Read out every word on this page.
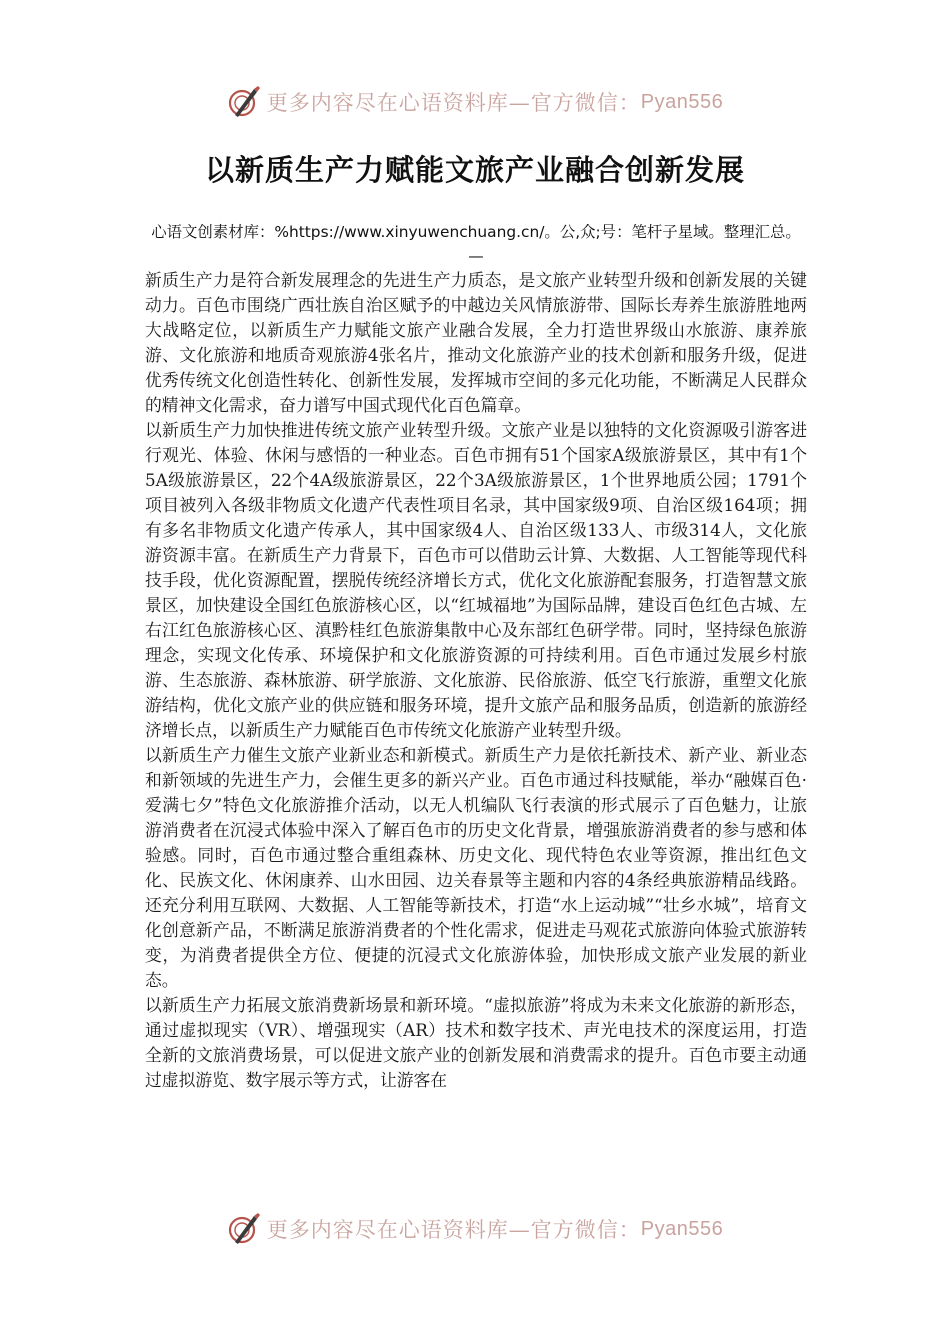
更多内容尽在心语资料库—官方微信： Pyan556
以新质生产力赋能文旅产业融合创新发展
心语文创素材库：%https://www.xinyuwenchuang.cn/。公,众;号：笔杆子星域。整理汇总。—

新质生产力是符合新发展理念的先进生产力质态，是文旅产业转型升级和创新发展的关键动力。百色市围绕广西壮族自治区赋予的中越边关风情旅游带、国际长寿养生旅游胜地两大战略定位，以新质生产力赋能文旅产业融合发展，全力打造世界级山水旅游、康养旅游、文化旅游和地质奇观旅游4张名片，推动文化旅游产业的技术创新和服务升级，促进优秀传统文化创造性转化、创新性发展，发挥城市空间的多元化功能，不断满足人民群众的精神文化需求，奋力谱写中国式现代化百色篇章。

以新质生产力加快推进传统文旅产业转型升级。文旅产业是以独特的文化资源吸引游客进行观光、体验、休闲与感悟的一种业态。百色市拥有51个国家A级旅游景区，其中有1个5A级旅游景区，22个4A级旅游景区，22个3A级旅游景区，1个世界地质公园；1791个项目被列入各级非物质文化遗产代表性项目名录，其中国家级9项、自治区级164项；拥有多名非物质文化遗产传承人，其中国家级4人、自治区级133人、市级314人，文化旅游资源丰富。在新质生产力背景下，百色市可以借助云计算、大数据、人工智能等现代科技手段，优化资源配置，摆脱传统经济增长方式，优化文化旅游配套服务，打造智慧文旅景区，加快建设全国红色旅游核心区，以“红城福地”为国际品牌，建设百色红色古城、左右江红色旅游核心区、滇黔桂红色旅游集散中心及东部红色研学带。同时，坚持绿色旅游理念，实现文化传承、环境保护和文化旅游资源的可持续利用。百色市通过发展乡村旅游、生态旅游、森林旅游、研学旅游、文化旅游、民俗旅游、低空飞行旅游，重塑文化旅游结构，优化文旅产业的供应链和服务环境，提升文旅产品和服务品质，创造新的旅游经济增长点，以新质生产力赋能百色市传统文化旅游产业转型升级。

以新质生产力催生文旅产业新业态和新模式。新质生产力是依托新技术、新产业、新业态和新领域的先进生产力，会催生更多的新兴产业。百色市通过科技赋能，举办“融媒百色·爱满七夕”特色文化旅游推介活动，以无人机编队飞行表演的形式展示了百色魅力，让旅游消费者在沉浸式体验中深入了解百色市的历史文化背景，增强旅游消费者的参与感和体验感。同时，百色市通过整合重组森林、历史文化、现代特色农业等资源，推出红色文化、民族文化、休闲康养、山水田园、边关春景等主题和内容的4条经典旅游精品线路。还充分利用互联网、大数据、人工智能等新技术，打造“水上运动城”“壮乡水城”，培育文化创意新产品，不断满足旅游消费者的个性化需求，促进走马观花式旅游向体验式旅游转变，为消费者提供全方位、便捷的沉浸式文化旅游体验，加快形成文旅产业发展的新业态。

以新质生产力拓展文旅消费新场景和新环境。“虚拟旅游”将成为未来文化旅游的新形态，通过虚拟现实（VR）、增强现实（AR）技术和数字技术、声光电技术的深度运用，打造全新的文旅消费场景，可以促进文旅产业的创新发展和消费需求的提升。百色市要主动通过虚拟游览、数字展示等方式，让游客在

更多内容尽在心语资料库—官方微信： Pyan556
